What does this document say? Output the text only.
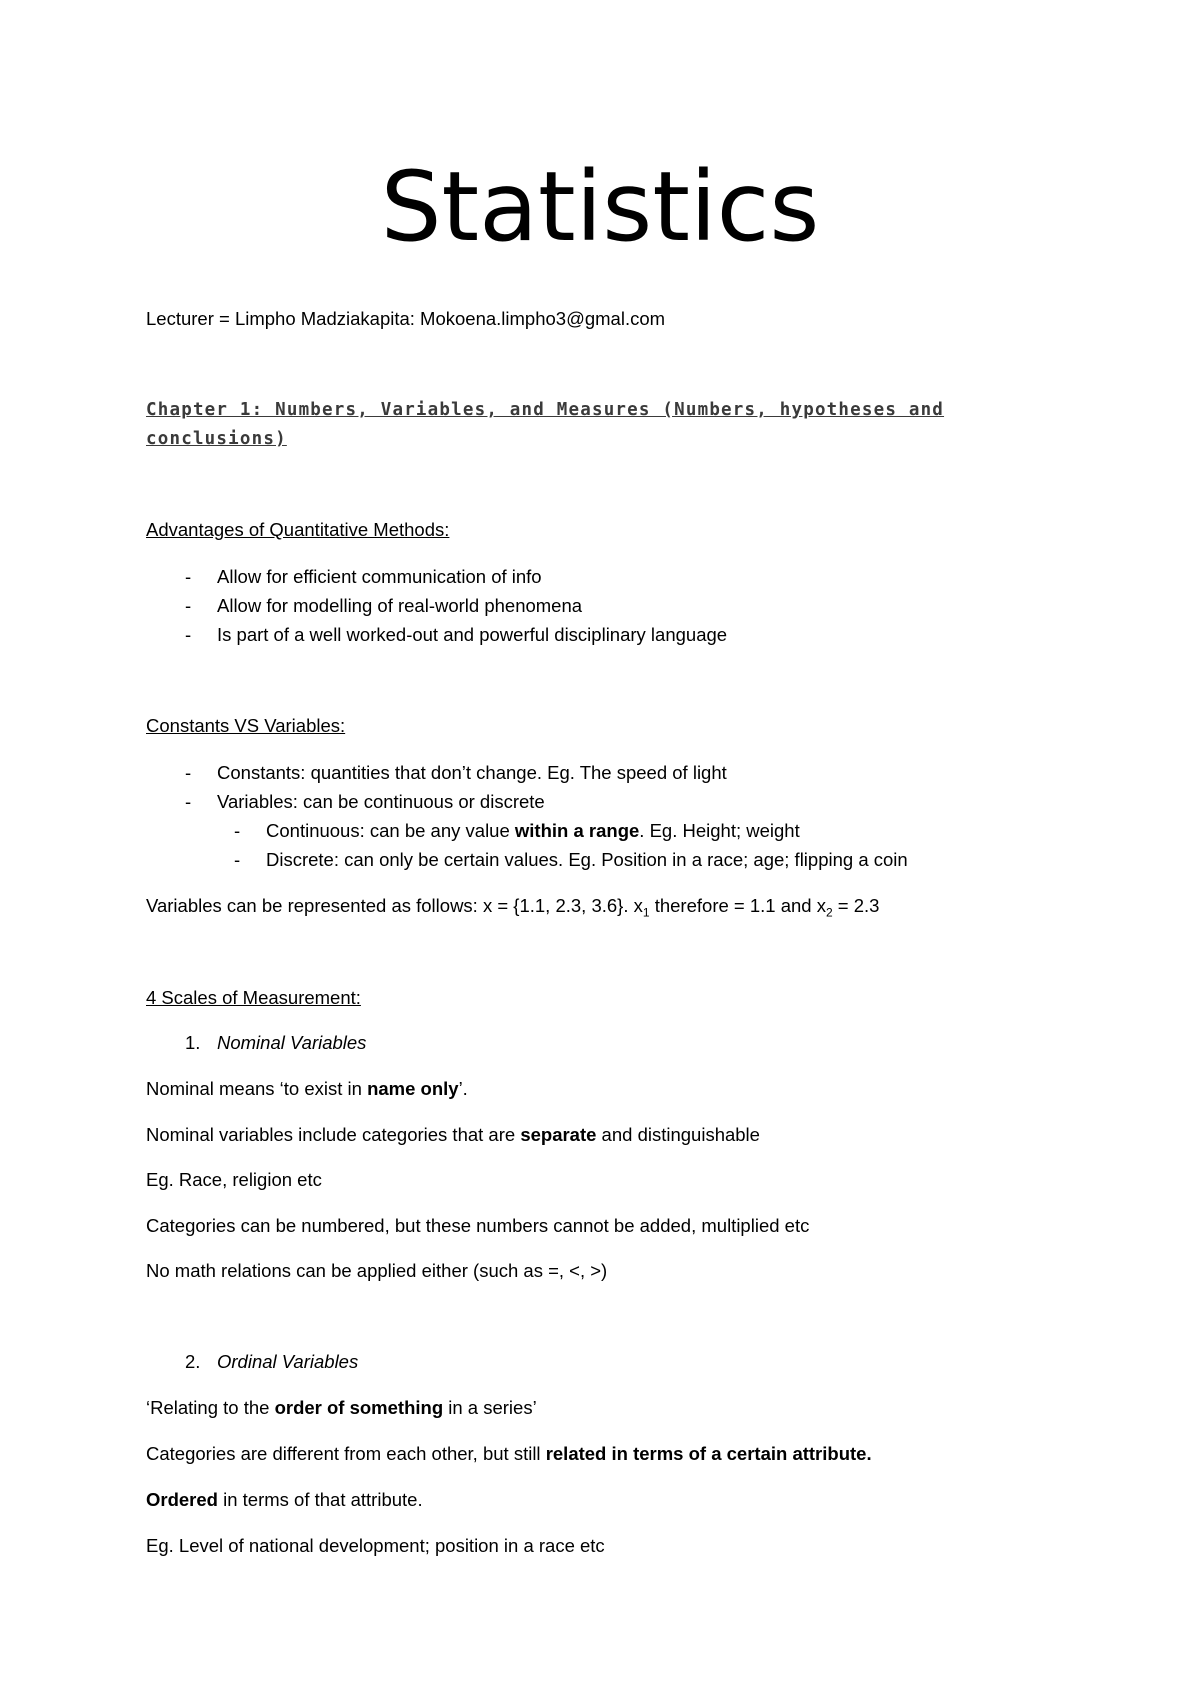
Statistics
Lecturer = Limpho Madziakapita: Mokoena.limpho3@gmal.com
Chapter 1: Numbers, Variables, and Measures (Numbers, hypotheses and
conclusions)
Advantages of Quantitative Methods:
- Allow for efficient communication of info
- Allow for modelling of real-world phenomena
- Is part of a well worked-out and powerful disciplinary language
Constants VS Variables:
- Constants: quantities that don’t change. Eg. The speed of light
- Variables: can be continuous or discrete
- Continuous: can be any value within a range. Eg. Height; weight
- Discrete: can only be certain values. Eg. Position in a race; age; flipping a coin
Variables can be represented as follows: x = {1.1, 2.3, 3.6}. $x_1$ therefore = 1.1 and $x_2 = 2.3$
4 Scales of Measurement:
1. Nominal Variables
Nominal means ‘to exist in name only’.
Nominal variables include categories that are separate and distinguishable
Eg. Race, religion etc
Categories can be numbered, but these numbers cannot be added, multiplied etc
No math relations can be applied either (such as =, <, >)
2. Ordinal Variables
‘Relating to the order of something in a series’
Categories are different from each other, but still related in terms of a certain attribute.
Ordered in terms of that attribute.
Eg. Level of national development; position in a race etc
